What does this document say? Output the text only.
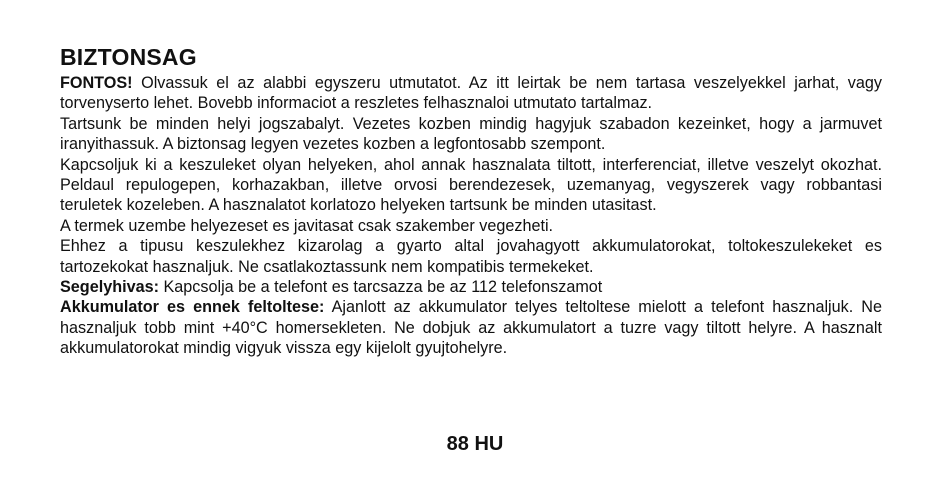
BIZTONSAG

FONTOS! Olvassuk el az alabbi egyszeru utmutatot. Az itt leirtak be nem tartasa veszelyekkel jarhat, vagy torvenyserto lehet. Bovebb informaciot a reszletes felhasznaloi utmutato tartalmaz.

Tartsunk be minden helyi jogszabalyt. Vezetes kozben mindig hagyjuk szabadon kezeinket, hogy a jarmuvet iranyithassuk. A biztonsag legyen vezetes kozben a legfontosabb szempont.

Kapcsoljuk ki a keszuleket olyan helyeken, ahol annak hasznalata tiltott, interferenciat, illetve veszelyt okozhat. Peldaul repulogepen, korhazakban, illetve orvosi berendezesek, uzemanyag, vegyszerek vagy robbantasi teruletek kozeleben. A hasznalatot korlatozo helyeken tartsunk be minden utasitast.

A termek uzembe helyezeset es javitasat csak szakember vegezheti.

Ehhez a tipusu keszulekhez kizarolag a gyarto altal jovahagyott akkumulatorokat, toltokeszulekeket es tartozekokat hasznaljuk. Ne csatlakoztassunk nem kompatibis termekeket.

Segelyhivas: Kapcsolja be a telefont es tarcsazza be az 112 telefonszamot

Akkumulator es ennek feltoltese: Ajanlott az akkumulator telyes teltoltese mielott a telefont hasznaljuk. Ne hasznaljuk tobb mint +40°C homersekleten. Ne dobjuk az akkumulatort a tuzre vagy tiltott helyre. A hasznalt akkumulatorokat mindig vigyuk vissza egy kijelolt gyujtohelyre.

88 HU
